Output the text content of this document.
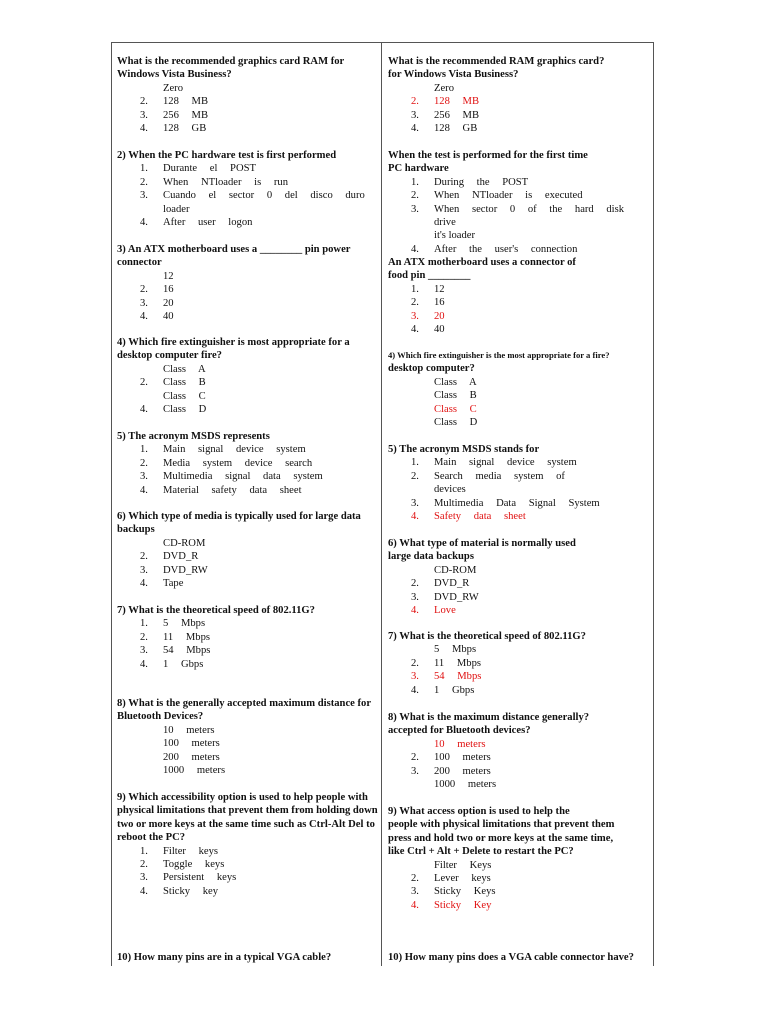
What is the recommended graphics card RAM for Windows Vista Business?
Zero
2.	128 MB
3.	256 MB
4.	128 GB
2) When the PC hardware test is first performed
1.	Durante el POST
2.	When NTloader is run
3.	Cuando el sector 0 del disco duro
loader
4.	After user logon
3) An ATX motherboard uses a ________ pin power connector
12
2.	16
3.	20
4.	40
4) Which fire extinguisher is most appropriate for a desktop computer fire?
Class A
2.	Class B
Class C
4.	Class D
5) The acronym MSDS represents
1.	Main signal device system
2.	Media system device search
3.	Multimedia signal data system
4.	Material safety data sheet
6) Which type of media is typically used for large data backups
CD-ROM
2.	DVD_R
3.	DVD_RW
4.	Tape
7) What is the theoretical speed of 802.11G?
1.	5 Mbps
2.	11 Mbps
3.	54 Mbps
4.	1 Gbps
8) What is the generally accepted maximum distance for Bluetooth Devices?
10 meters
100 meters
200 meters
1000 meters
9) Which accessibility option is used to help people with physical limitations that prevent them from holding down two or more keys at the same time such as Ctrl-Alt Del to reboot the PC?
1.	Filter keys
2.	Toggle keys
3.	Persistent keys
4.	Sticky key
10) How many pins are in a typical VGA cable?
What is the recommended RAM graphics card?
for Windows Vista Business?
Zero
2.	128 MB
3.	256 MB
4.	128 GB
When the test is performed for the first time
PC hardware
1.	During the POST
2.	When NTloader is executed
3.	When sector 0 of the hard disk drive
it's loader
4.	After the user's connection
An ATX motherboard uses a connector of
food pin ________
1.	12
2.	16
3.	20
4.	40
4) Which fire extinguisher is the most appropriate for a fire?
desktop computer?
Class A
Class B
Class C
Class D
5) The acronym MSDS stands for
1.	Main signal device system
2.	Search media system of
devices
3.	Multimedia Data Signal System
4.	Safety data sheet
6) What type of material is normally used
large data backups
CD-ROM
2.	DVD_R
3.	DVD_RW
4.	Love
7) What is the theoretical speed of 802.11G?
5 Mbps
2.	11 Mbps
3.	54 Mbps
4.	1 Gbps
8) What is the maximum distance generally?
accepted for Bluetooth devices?
10 meters
2.	100 meters
3.	200 meters
1000 meters
9) What access option is used to help the
people with physical limitations that prevent them
press and hold two or more keys at the same time,
like Ctrl + Alt + Delete to restart the PC?
Filter Keys
2.	Lever keys
3.	Sticky Keys
4.	Sticky Key
10) How many pins does a VGA cable connector have?
